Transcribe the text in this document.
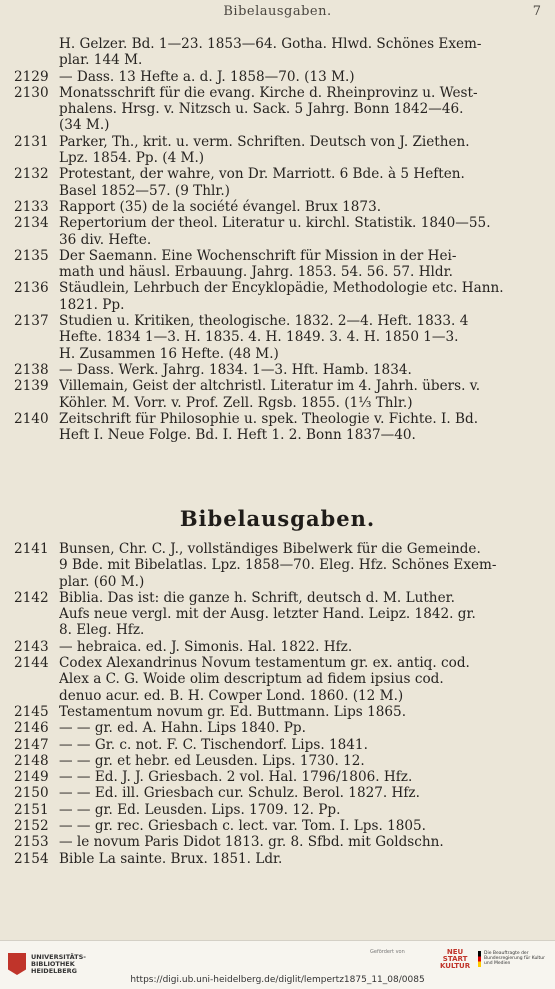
Bibelausgaben.	7
H. Gelzer. Bd. 1—23. 1853—64. Gotha. Hlwd. Schönes Exem-
plar. 144 M.
2129 — Dass. 13 Hefte a. d. J. 1858—70. (13 M.)
2130 Monatsschrift für die evang. Kirche d. Rheinprovinz u. West-
phalens. Hrsg. v. Nitzsch u. Sack. 5 Jahrg. Bonn 1842—46.
(34 M.)
2131 Parker, Th., krit. u. verm. Schriften. Deutsch von J. Ziethen.
Lpz. 1854. Pp. (4 M.)
2132 Protestant, der wahre, von Dr. Marriott. 6 Bde. à 5 Heften.
Basel 1852—57. (9 Thlr.)
2133 Rapport (35) de la société évangel. Brux 1873.
2134 Repertorium der theol. Literatur u. kirchl. Statistik. 1840—55.
36 div. Hefte.
2135 Der Saemann. Eine Wochenschrift für Mission in der Hei-
math und häusl. Erbauung. Jahrg. 1853. 54. 56. 57. Hldr.
2136 Stäudlein, Lehrbuch der Encyklopädie, Methodologie etc. Hann.
1821. Pp.
2137 Studien u. Kritiken, theologische. 1832. 2—4. Heft. 1833. 4
Hefte. 1834 1—3. H. 1835. 4. H. 1849. 3. 4. H. 1850 1—3.
H. Zusammen 16 Hefte. (48 M.)
2138 — Dass. Werk. Jahrg. 1834. 1—3. Hft. Hamb. 1834.
2139 Villemain, Geist der altchristl. Literatur im 4. Jahrh. übers. v.
Köhler. M. Vorr. v. Prof. Zell. Rgsb. 1855. (1⅓ Thlr.)
2140 Zeitschrift für Philosophie u. spek. Theologie v. Fichte. I. Bd.
Heft I. Neue Folge. Bd. I. Heft 1. 2. Bonn 1837—40.
Bibelausgaben.
2141 Bunsen, Chr. C. J., vollständiges Bibelwerk für die Gemeinde.
9 Bde. mit Bibelatlas. Lpz. 1858—70. Eleg. Hfz. Schönes Exem-
plar. (60 M.)
2142 Biblia. Das ist: die ganze h. Schrift, deutsch d. M. Luther.
Aufs neue vergl. mit der Ausg. letzter Hand. Leipz. 1842. gr.
8. Eleg. Hfz.
2143 — hebraica. ed. J. Simonis. Hal. 1822. Hfz.
2144 Codex Alexandrinus Novum testamentum gr. ex. antiq. cod.
Alex a C. G. Woide olim descriptum ad fidem ipsius cod.
denuo acur. ed. B. H. Cowper Lond. 1860. (12 M.)
2145 Testamentum novum gr. Ed. Buttmann. Lips 1865.
2146 — — gr. ed. A. Hahn. Lips 1840. Pp.
2147 — — Gr. c. not. F. C. Tischendorf. Lips. 1841.
2148 — — gr. et hebr. ed Leusden. Lips. 1730. 12.
2149 — — Ed. J. J. Griesbach. 2 vol. Hal. 1796/1806. Hfz.
2150 — — Ed. ill. Griesbach cur. Schulz. Berol. 1827. Hfz.
2151 — — gr. Ed. Leusden. Lips. 1709. 12. Pp.
2152 — — gr. rec. Griesbach c. lect. var. Tom. I. Lps. 1805.
2153 — le novum Paris Didot 1813. gr. 8. Sfbd. mit Goldschn.
2154 Bible La sainte. Brux. 1851. Ldr.
UNIVERSITÄTS-
BIBLIOTHEK
HEIDELBERG
Gefördert von	NEU
START
KULTUR
Die Beauftragte der Bundesregierung für Kultur und Medien
https://digi.ub.uni-heidelberg.de/diglit/lempertz1875_11_08/0085
